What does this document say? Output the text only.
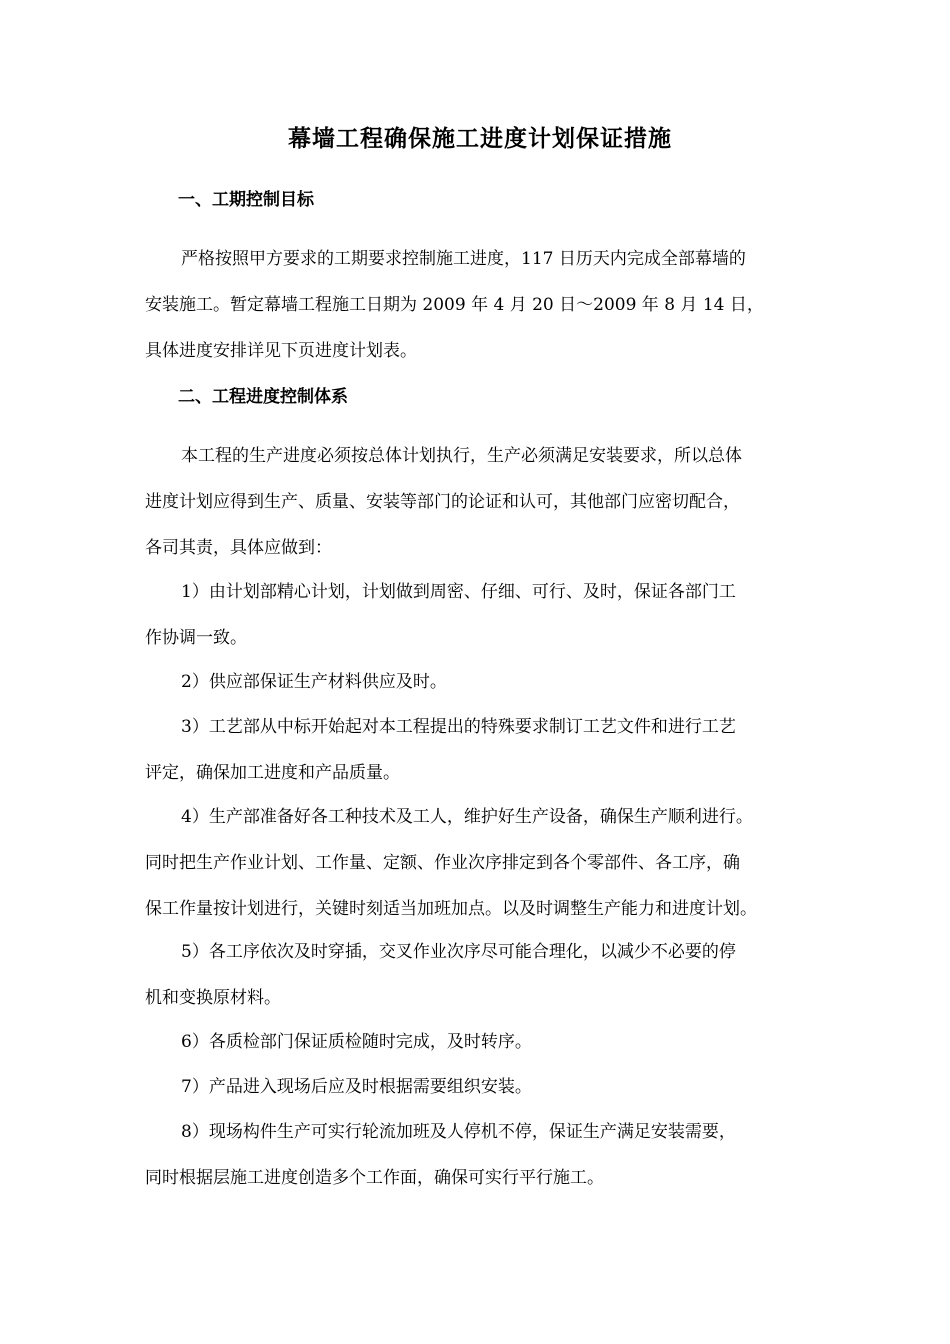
幕墙工程确保施工进度计划保证措施
一、工期控制目标
严格按照甲方要求的工期要求控制施工进度，117 日历天内完成全部幕墙的
安装施工。暂定幕墙工程施工日期为 2009 年 4 月 20 日～2009 年 8 月 14 日，
具体进度安排详见下页进度计划表。
二、工程进度控制体系
本工程的生产进度必须按总体计划执行，生产必须满足安装要求，所以总体
进度计划应得到生产、质量、安装等部门的论证和认可，其他部门应密切配合，
各司其责，具体应做到：
1）由计划部精心计划，计划做到周密、仔细、可行、及时，保证各部门工
作协调一致。
2）供应部保证生产材料供应及时。
3）工艺部从中标开始起对本工程提出的特殊要求制订工艺文件和进行工艺
评定，确保加工进度和产品质量。
4）生产部准备好各工种技术及工人，维护好生产设备，确保生产顺利进行。
同时把生产作业计划、工作量、定额、作业次序排定到各个零部件、各工序，确
保工作量按计划进行，关键时刻适当加班加点。以及时调整生产能力和进度计划。
5）各工序依次及时穿插，交叉作业次序尽可能合理化，以减少不必要的停
机和变换原材料。
6）各质检部门保证质检随时完成，及时转序。
7）产品进入现场后应及时根据需要组织安装。
8）现场构件生产可实行轮流加班及人停机不停，保证生产满足安装需要，
同时根据层施工进度创造多个工作面，确保可实行平行施工。
